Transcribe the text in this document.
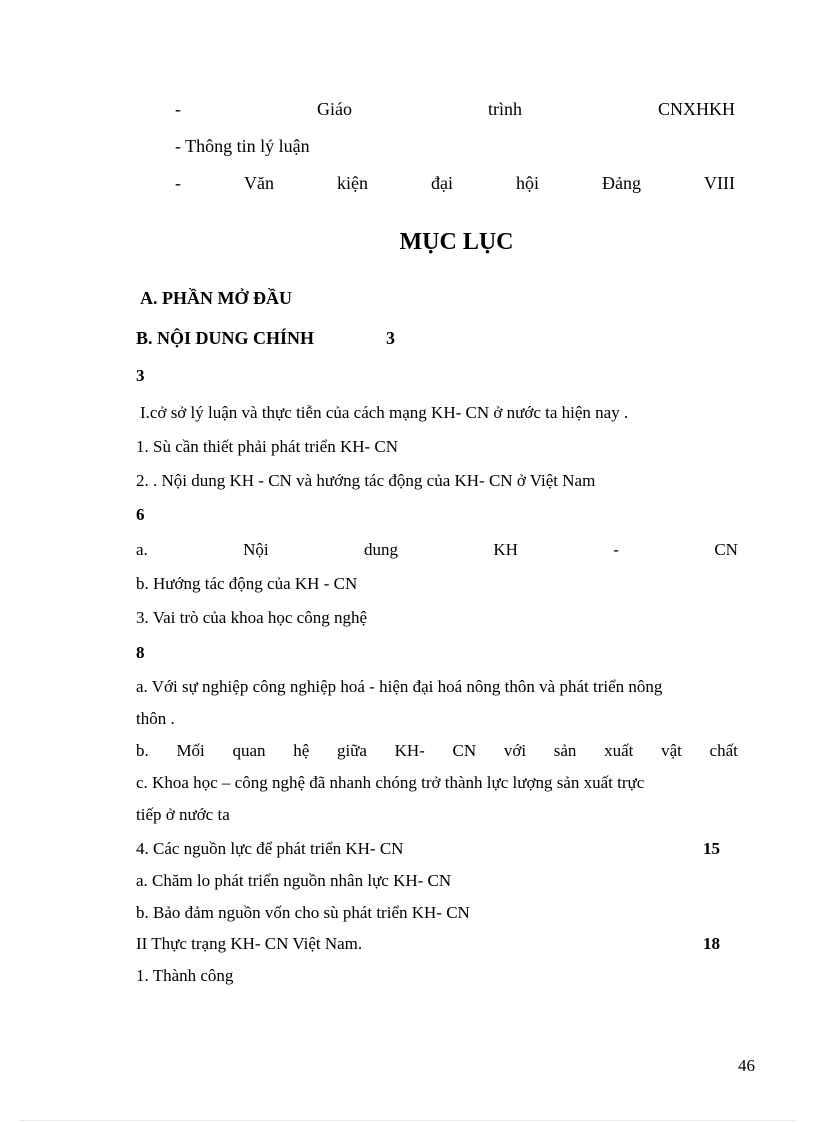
-	Giáo	trình	CNXHKH
- Thông tin lý luận
-	Văn	kiện	đại	hội	Đảng	VIII
MỤC LỤC
A. PHẦN MỞ ĐẦU
B. NỘI DUNG CHÍNH	3
3
I.cở sở lý luận và thực tiễn của cách mạng KH- CN ở nước ta hiện nay .
1. Sù cần thiết phải phát triển KH- CN
2. . Nội dung KH - CN và hướng tác động của KH- CN ở Việt Nam
6
a.	Nội	dung	KH	-	CN
b. Hướng tác động của KH - CN
3. Vai trò của khoa học công nghệ
8
a. Với sự nghiệp công nghiệp hoá - hiện đại hoá nông thôn và phát triển nông
thôn .
b. Mối quan hệ giữa KH- CN với sản xuất vật chất
c. Khoa học – công nghệ đã nhanh chóng trở thành lực lượng sản xuất trực
tiếp ở nước ta
4. Các nguồn lực để phát triển KH- CN	15
a. Chăm lo phát triển nguồn nhân lực KH- CN
b. Bảo đảm nguồn vốn cho sù phát triển KH- CN
II Thực trạng KH- CN Việt Nam.	18
1. Thành công
46
